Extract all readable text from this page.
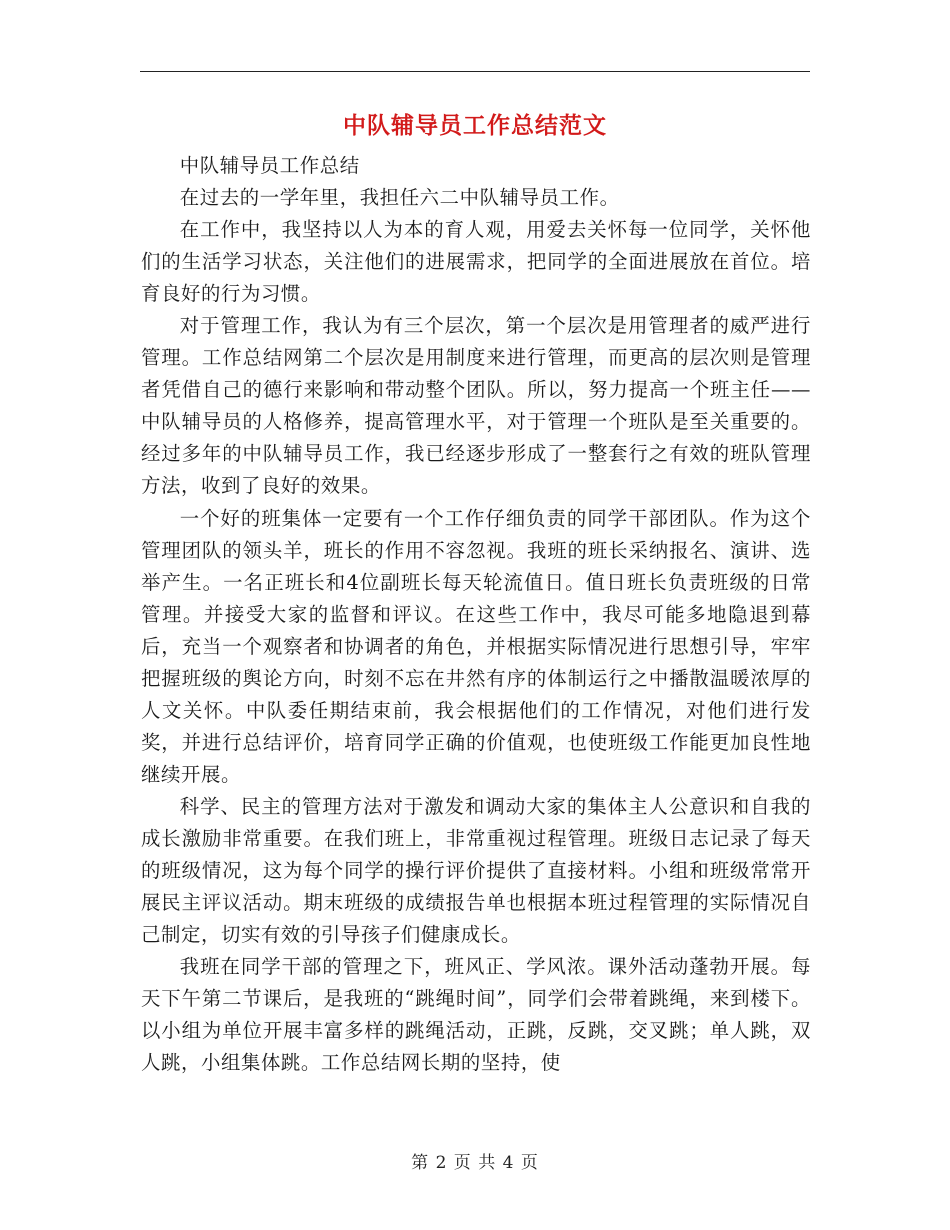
中队辅导员工作总结范文

中队辅导员工作总结

在过去的一学年里，我担任六二中队辅导员工作。

在工作中，我坚持以人为本的育人观，用爱去关怀每一位同学，关怀他们的生活学习状态，关注他们的进展需求，把同学的全面进展放在首位。培育良好的行为习惯。

对于管理工作，我认为有三个层次，第一个层次是用管理者的威严进行管理。工作总结网第二个层次是用制度来进行管理，而更高的层次则是管理者凭借自己的德行来影响和带动整个团队。所以，努力提高一个班主任——中队辅导员的人格修养，提高管理水平，对于管理一个班队是至关重要的。经过多年的中队辅导员工作，我已经逐步形成了一整套行之有效的班队管理方法，收到了良好的效果。

一个好的班集体一定要有一个工作仔细负责的同学干部团队。作为这个管理团队的领头羊，班长的作用不容忽视。我班的班长采纳报名、演讲、选举产生。一名正班长和4位副班长每天轮流值日。值日班长负责班级的日常管理。并接受大家的监督和评议。在这些工作中，我尽可能多地隐退到幕后，充当一个观察者和协调者的角色，并根据实际情况进行思想引导，牢牢把握班级的舆论方向，时刻不忘在井然有序的体制运行之中播散温暖浓厚的人文关怀。中队委任期结束前，我会根据他们的工作情况，对他们进行发奖，并进行总结评价，培育同学正确的价值观，也使班级工作能更加良性地继续开展。

科学、民主的管理方法对于激发和调动大家的集体主人公意识和自我的成长激励非常重要。在我们班上，非常重视过程管理。班级日志记录了每天的班级情况，这为每个同学的操行评价提供了直接材料。小组和班级常常开展民主评议活动。期末班级的成绩报告单也根据本班过程管理的实际情况自己制定，切实有效的引导孩子们健康成长。

我班在同学干部的管理之下，班风正、学风浓。课外活动蓬勃开展。每天下午第二节课后，是我班的“跳绳时间”，同学们会带着跳绳，来到楼下。以小组为单位开展丰富多样的跳绳活动，正跳，反跳，交叉跳；单人跳，双人跳，小组集体跳。工作总结网长期的坚持，使

第 2 页 共 4 页
